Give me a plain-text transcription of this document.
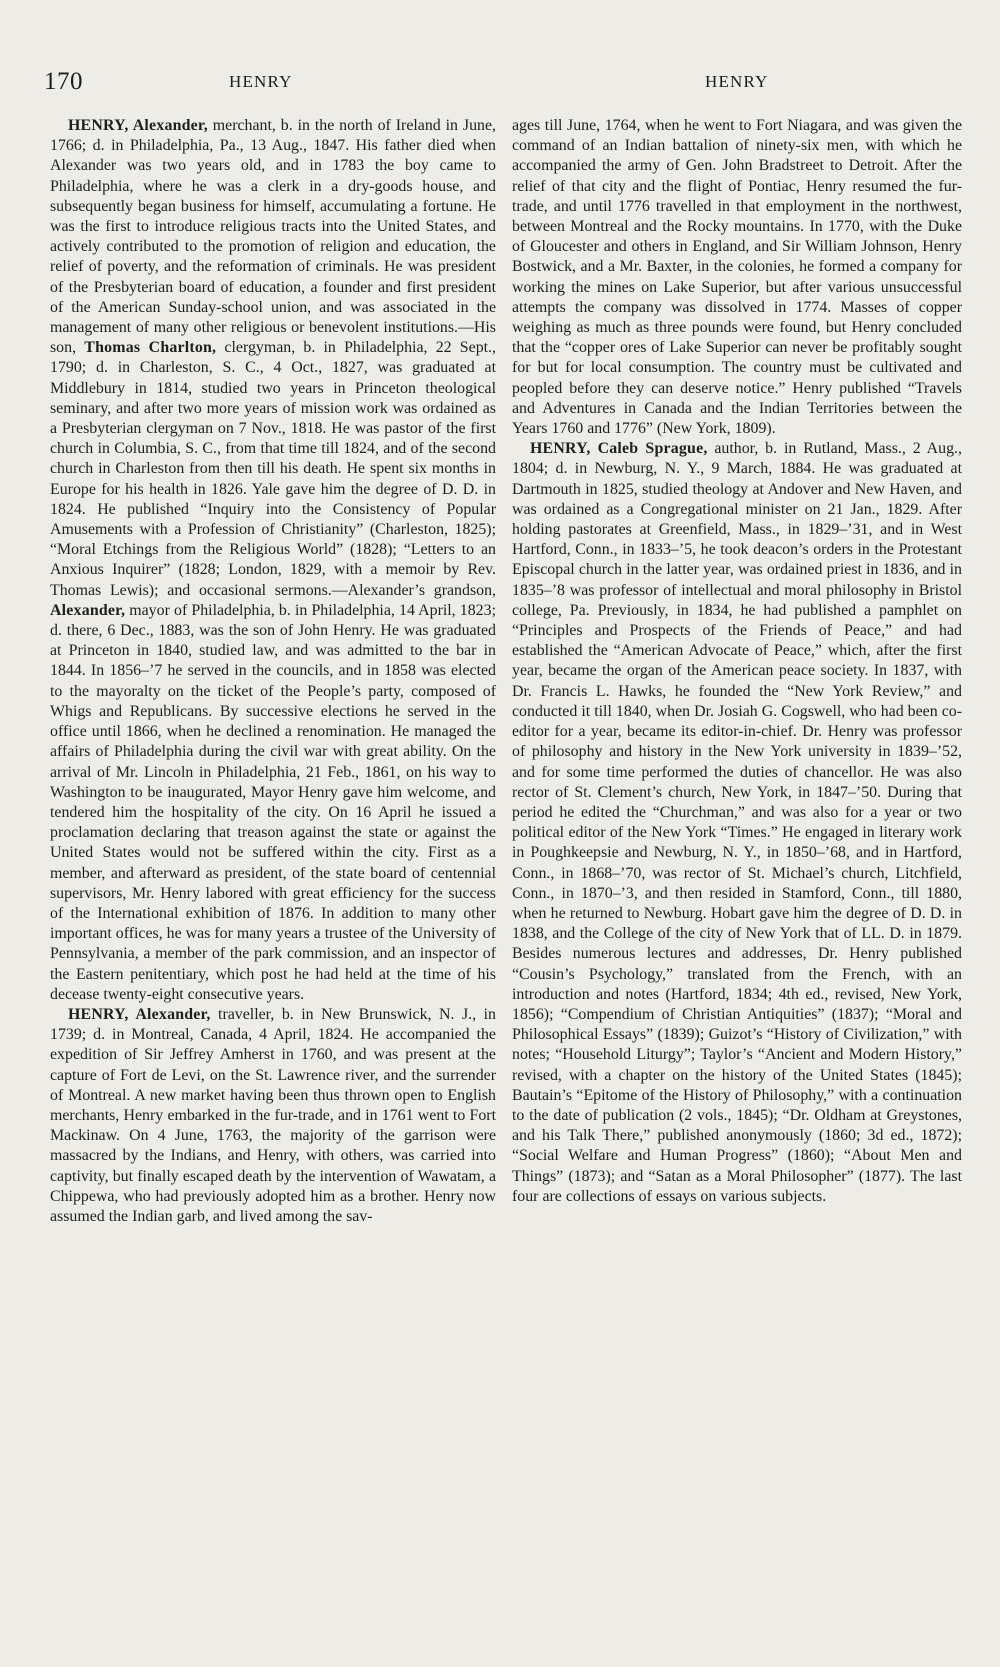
170	HENRY	HENRY

HENRY, Alexander, merchant, b. in the north of Ireland in June, 1766; d. in Philadelphia, Pa., 13 Aug., 1847. His father died when Alexander was two years old, and in 1783 the boy came to Philadelphia, where he was a clerk in a dry-goods house, and subsequently began business for himself, accumulating a fortune. He was the first to introduce religious tracts into the United States, and actively contributed to the promotion of religion and education, the relief of poverty, and the reformation of criminals. He was president of the Presbyterian board of education, a founder and first president of the American Sunday-school union, and was associated in the management of many other religious or benevolent institutions.—His son, Thomas Charlton, clergyman, b. in Philadelphia, 22 Sept., 1790; d. in Charleston, S. C., 4 Oct., 1827, was graduated at Middlebury in 1814, studied two years in Princeton theological seminary, and after two more years of mission work was ordained as a Presbyterian clergyman on 7 Nov., 1818. He was pastor of the first church in Columbia, S. C., from that time till 1824, and of the second church in Charleston from then till his death. He spent six months in Europe for his health in 1826. Yale gave him the degree of D. D. in 1824. He published “Inquiry into the Consistency of Popular Amusements with a Profession of Christianity” (Charleston, 1825); “Moral Etchings from the Religious World” (1828); “Letters to an Anxious Inquirer” (1828; London, 1829, with a memoir by Rev. Thomas Lewis); and occasional sermons.—Alexander’s grandson, Alexander, mayor of Philadelphia, b. in Philadelphia, 14 April, 1823; d. there, 6 Dec., 1883, was the son of John Henry. He was graduated at Princeton in 1840, studied law, and was admitted to the bar in 1844. In 1856–’7 he served in the councils, and in 1858 was elected to the mayoralty on the ticket of the People’s party, composed of Whigs and Republicans. By successive elections he served in the office until 1866, when he declined a renomination. He managed the affairs of Philadelphia during the civil war with great ability. On the arrival of Mr. Lincoln in Philadelphia, 21 Feb., 1861, on his way to Washington to be inaugurated, Mayor Henry gave him welcome, and tendered him the hospitality of the city. On 16 April he issued a proclamation declaring that treason against the state or against the United States would not be suffered within the city. First as a member, and afterward as president, of the state board of centennial supervisors, Mr. Henry labored with great efficiency for the success of the International exhibition of 1876. In addition to many other important offices, he was for many years a trustee of the University of Pennsylvania, a member of the park commission, and an inspector of the Eastern penitentiary, which post he had held at the time of his decease twenty-eight consecutive years.

HENRY, Alexander, traveller, b. in New Brunswick, N. J., in 1739; d. in Montreal, Canada, 4 April, 1824. He accompanied the expedition of Sir Jeffrey Amherst in 1760, and was present at the capture of Fort de Levi, on the St. Lawrence river, and the surrender of Montreal. A new market having been thus thrown open to English merchants, Henry embarked in the fur-trade, and in 1761 went to Fort Mackinaw. On 4 June, 1763, the majority of the garrison were massacred by the Indians, and Henry, with others, was carried into captivity, but finally escaped death by the intervention of Wawatam, a Chippewa, who had previously adopted him as a brother. Henry now assumed the Indian garb, and lived among the sav-

ages till June, 1764, when he went to Fort Niagara, and was given the command of an Indian battalion of ninety-six men, with which he accompanied the army of Gen. John Bradstreet to Detroit. After the relief of that city and the flight of Pontiac, Henry resumed the fur-trade, and until 1776 travelled in that employment in the northwest, between Montreal and the Rocky mountains. In 1770, with the Duke of Gloucester and others in England, and Sir William Johnson, Henry Bostwick, and a Mr. Baxter, in the colonies, he formed a company for working the mines on Lake Superior, but after various unsuccessful attempts the company was dissolved in 1774. Masses of copper weighing as much as three pounds were found, but Henry concluded that the “copper ores of Lake Superior can never be profitably sought for but for local consumption. The country must be cultivated and peopled before they can deserve notice.” Henry published “Travels and Adventures in Canada and the Indian Territories between the Years 1760 and 1776” (New York, 1809).

HENRY, Caleb Sprague, author, b. in Rutland, Mass., 2 Aug., 1804; d. in Newburg, N. Y., 9 March, 1884. He was graduated at Dartmouth in 1825, studied theology at Andover and New Haven, and was ordained as a Congregational minister on 21 Jan., 1829. After holding pastorates at Greenfield, Mass., in 1829–’31, and in West Hartford, Conn., in 1833–’5, he took deacon’s orders in the Protestant Episcopal church in the latter year, was ordained priest in 1836, and in 1835–’8 was professor of intellectual and moral philosophy in Bristol college, Pa. Previously, in 1834, he had published a pamphlet on “Principles and Prospects of the Friends of Peace,” and had established the “American Advocate of Peace,” which, after the first year, became the organ of the American peace society. In 1837, with Dr. Francis L. Hawks, he founded the “New York Review,” and conducted it till 1840, when Dr. Josiah G. Cogswell, who had been co-editor for a year, became its editor-in-chief. Dr. Henry was professor of philosophy and history in the New York university in 1839–’52, and for some time performed the duties of chancellor. He was also rector of St. Clement’s church, New York, in 1847–’50. During that period he edited the “Churchman,” and was also for a year or two political editor of the New York “Times.” He engaged in literary work in Poughkeepsie and Newburg, N. Y., in 1850–’68, and in Hartford, Conn., in 1868–’70, was rector of St. Michael’s church, Litchfield, Conn., in 1870–’3, and then resided in Stamford, Conn., till 1880, when he returned to Newburg. Hobart gave him the degree of D. D. in 1838, and the College of the city of New York that of LL. D. in 1879. Besides numerous lectures and addresses, Dr. Henry published “Cousin’s Psychology,” translated from the French, with an introduction and notes (Hartford, 1834; 4th ed., revised, New York, 1856); “Compendium of Christian Antiquities” (1837); “Moral and Philosophical Essays” (1839); Guizot’s “History of Civilization,” with notes; “Household Liturgy”; Taylor’s “Ancient and Modern History,” revised, with a chapter on the history of the United States (1845); Bautain’s “Epitome of the History of Philosophy,” with a continuation to the date of publication (2 vols., 1845); “Dr. Oldham at Greystones, and his Talk There,” published anonymously (1860; 3d ed., 1872); “Social Welfare and Human Progress” (1860); “About Men and Things” (1873); and “Satan as a Moral Philosopher” (1877). The last four are collections of essays on various subjects.
